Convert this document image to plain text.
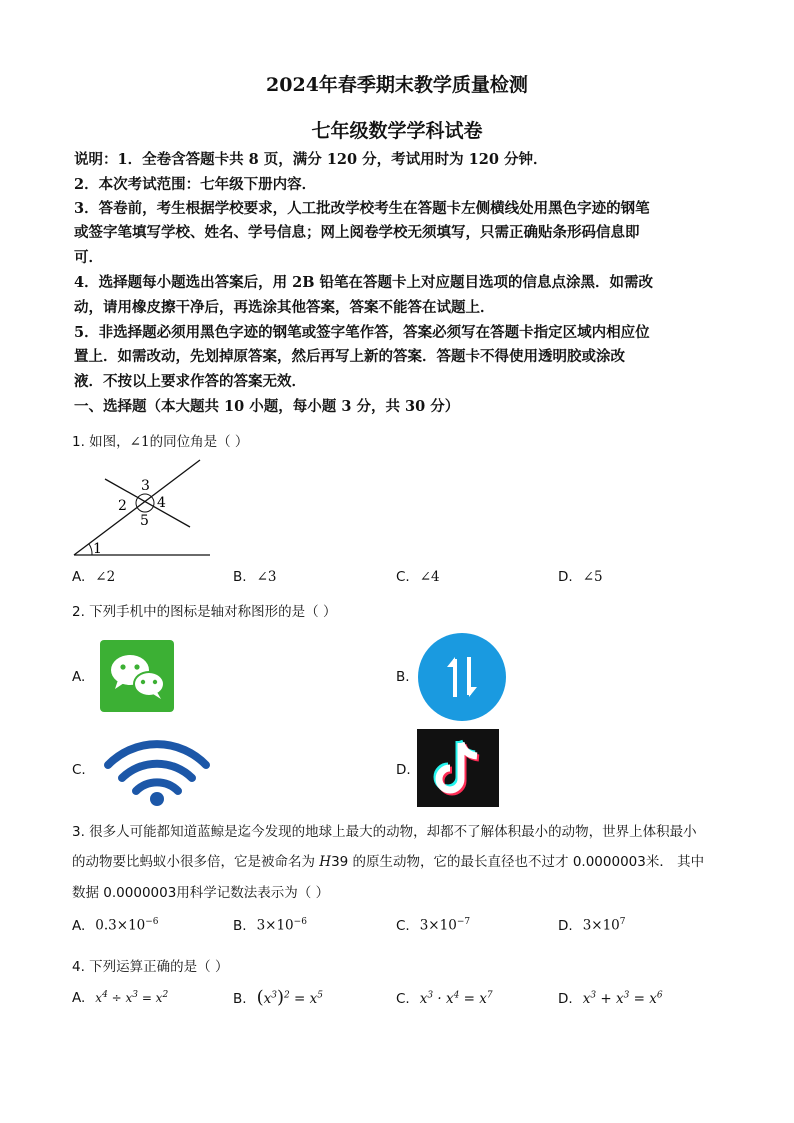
2024年春季期末教学质量检测
七年级数学学科试卷
说明：1．全卷含答题卡共 8 页，满分 120 分，考试用时为 120 分钟．
2．本次考试范围：七年级下册内容．
3．答卷前，考生根据学校要求，人工批改学校考生在答题卡左侧横线处用黑色字迹的钢笔
或签字笔填写学校、姓名、学号信息；网上阅卷学校无须填写，只需正确贴条形码信息即
可．
4．选择题每小题选出答案后，用 2B 铅笔在答题卡上对应题目选项的信息点涂黑．如需改
动，请用橡皮擦干净后，再选涂其他答案，答案不能答在试题上．
5．非选择题必须用黑色字迹的钢笔或签字笔作答，答案必须写在答题卡指定区域内相应位
置上．如需改动，先划掉原答案，然后再写上新的答案．答题卡不得使用透明胶或涂改
液．不按以上要求作答的答案无效．
一、选择题（本大题共 10 小题，每小题 3 分，共 30 分）
1. 如图，∠1的同位角是（ ）
3
2 4
5
1
A. ∠2	B. ∠3	C. ∠4	D. ∠5
2. 下列手机中的图标是轴对称图形的是（ ）
A.	B.
C.	D.
3. 很多人可能都知道蓝鲸是迄今发现的地球上最大的动物，却都不了解体积最小的动物，世界上体积最小
的动物要比蚂蚁小很多倍，它是被命名为 H39 的原生动物，它的最长直径也不过才 0.0000003米． 其中
数据 0.0000003用科学记数法表示为（ ）
A. $0.3\times 10^{-6}$	B. $3\times 10^{-6}$	C. $3\times 10^{-7}$	D. $3\times 10^7$
4. 下列运算正确的是（ ）
A. $x^4 \div x^3 = x^2$	B. $(x^3)^2 = x^5$	C. $x^3 \cdot x^4 = x^7$	D. $x^3 + x^3 = x^6$
